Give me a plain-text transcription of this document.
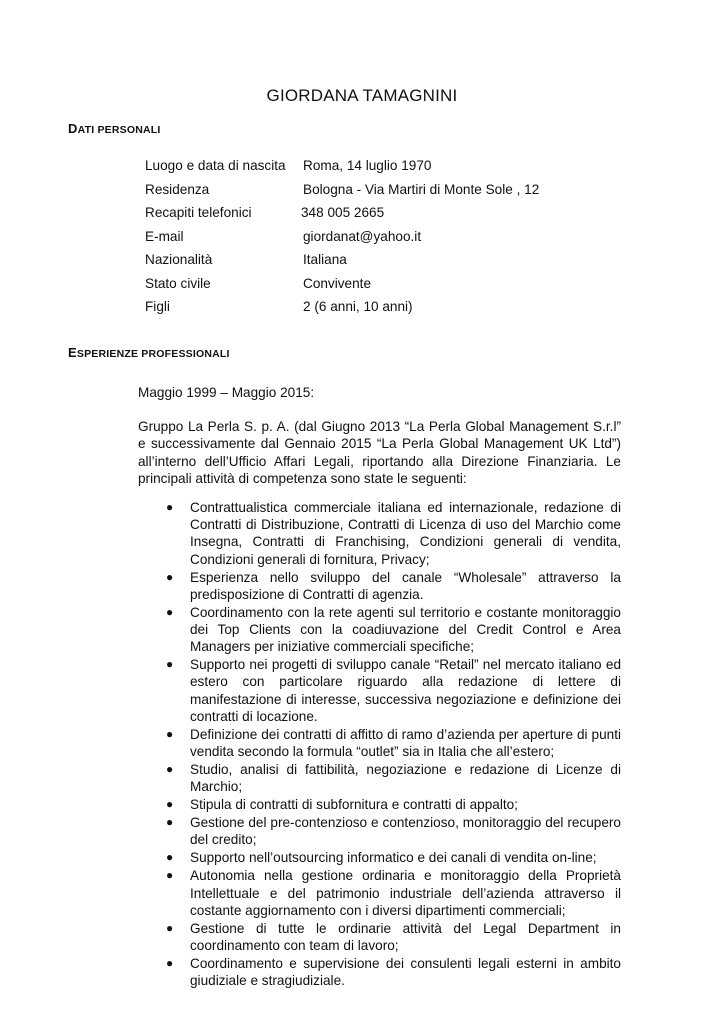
GIORDANA TAMAGNINI
DATI PERSONALI
Luogo e data di nascita Roma, 14 luglio 1970
Residenza	Bologna - Via Martiri di Monte Sole , 12
Recapiti telefonici	348 005 2665
E-mail	giordanat@yahoo.it
Nazionalità	Italiana
Stato civile	Convivente
Figli	2 (6 anni, 10 anni)
ESPERIENZE PROFESSIONALI
Maggio 1999 – Maggio 2015:
Gruppo La Perla S. p. A. (dal Giugno 2013 “La Perla Global Management S.r.l” e successivamente dal Gennaio 2015 “La Perla Global Management UK Ltd”) all’interno dell’Ufficio Affari Legali, riportando alla Direzione Finanziaria. Le principali attività di competenza sono state le seguenti:
● Contrattualistica commerciale italiana ed internazionale, redazione di Contratti di Distribuzione, Contratti di Licenza di uso del Marchio come Insegna, Contratti di Franchising, Condizioni generali di vendita, Condizioni generali di fornitura, Privacy;
● Esperienza nello sviluppo del canale “Wholesale” attraverso la predisposizione di Contratti di agenzia.
● Coordinamento con la rete agenti sul territorio e costante monitoraggio dei Top Clients con la coadiuvazione del Credit Control e Area Managers per iniziative commerciali specifiche;
● Supporto nei progetti di sviluppo canale “Retail” nel mercato italiano ed estero con particolare riguardo alla redazione di lettere di manifestazione di interesse, successiva negoziazione e definizione dei contratti di locazione.
● Definizione dei contratti di affitto di ramo d’azienda per aperture di punti vendita secondo la formula “outlet” sia in Italia che all’estero;
● Studio, analisi di fattibilità, negoziazione e redazione di Licenze di Marchio;
● Stipula di contratti di subfornitura e contratti di appalto;
● Gestione del pre-contenzioso e contenzioso, monitoraggio del recupero del credito;
● Supporto nell’outsourcing informatico e dei canali di vendita on-line;
● Autonomia nella gestione ordinaria e monitoraggio della Proprietà Intellettuale e del patrimonio industriale dell’azienda attraverso il costante aggiornamento con i diversi dipartimenti commerciali;
● Gestione di tutte le ordinarie attività del Legal Department in coordinamento con team di lavoro;
● Coordinamento e supervisione dei consulenti legali esterni in ambito giudiziale e stragiudiziale.
